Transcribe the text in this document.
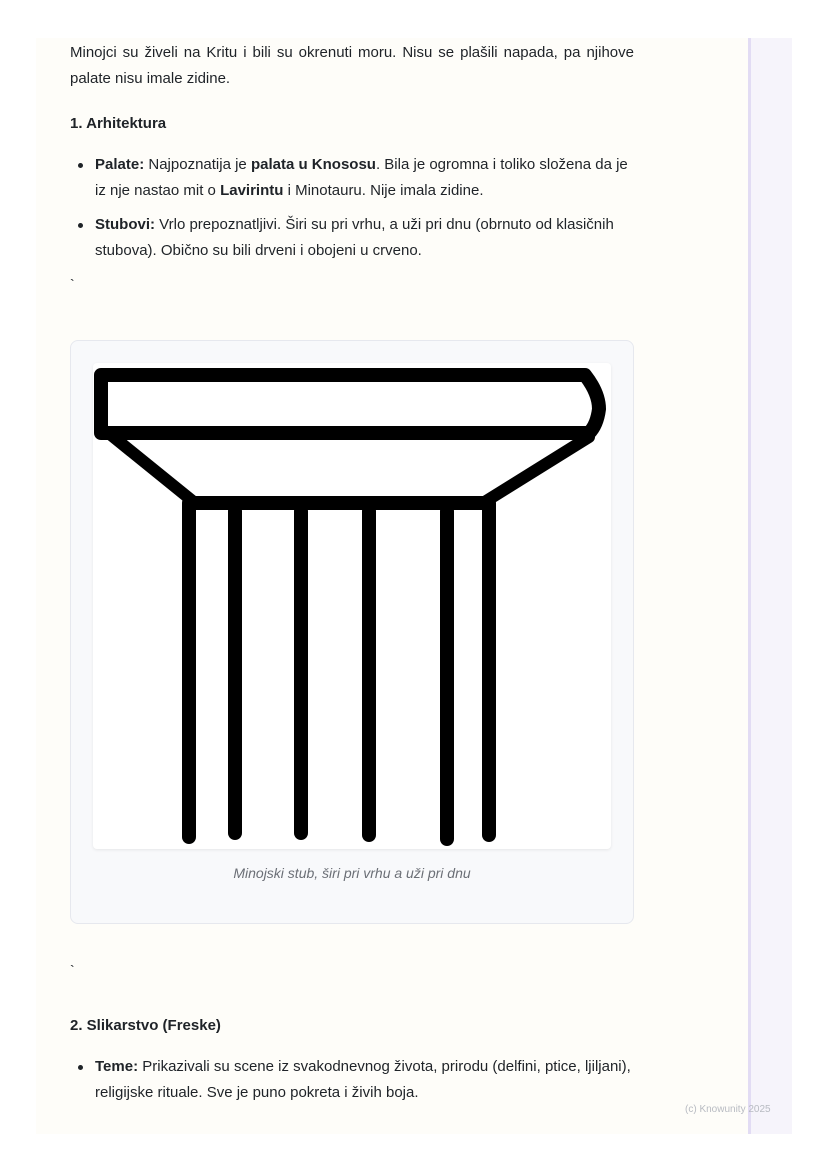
Minojci su živeli na Kritu i bili su okrenuti moru. Nisu se plašili napada, pa njihove palate nisu imale zidine.

1. Arhitektura
Palate: Najpoznatija je palata u Knososu. Bila je ogromna i toliko složena da je iz nje nastao mit o Lavirintu i Minotauru. Nije imala zidine.
Stubovi: Vrlo prepoznatljivi. Širi su pri vrhu, a uži pri dnu (obrnuto od klasičnih stubova). Obično su bili drveni i obojeni u crveno.
`
Minojski stub, širi pri vrhu a uži pri dnu
`
2. Slikarstvo (Freske)
Teme: Prikazivali su scene iz svakodnevnog života, prirodu (delfini, ptice, ljiljani), religijske rituale. Sve je puno pokreta i živih boja.
(c) Knowunity 2025
